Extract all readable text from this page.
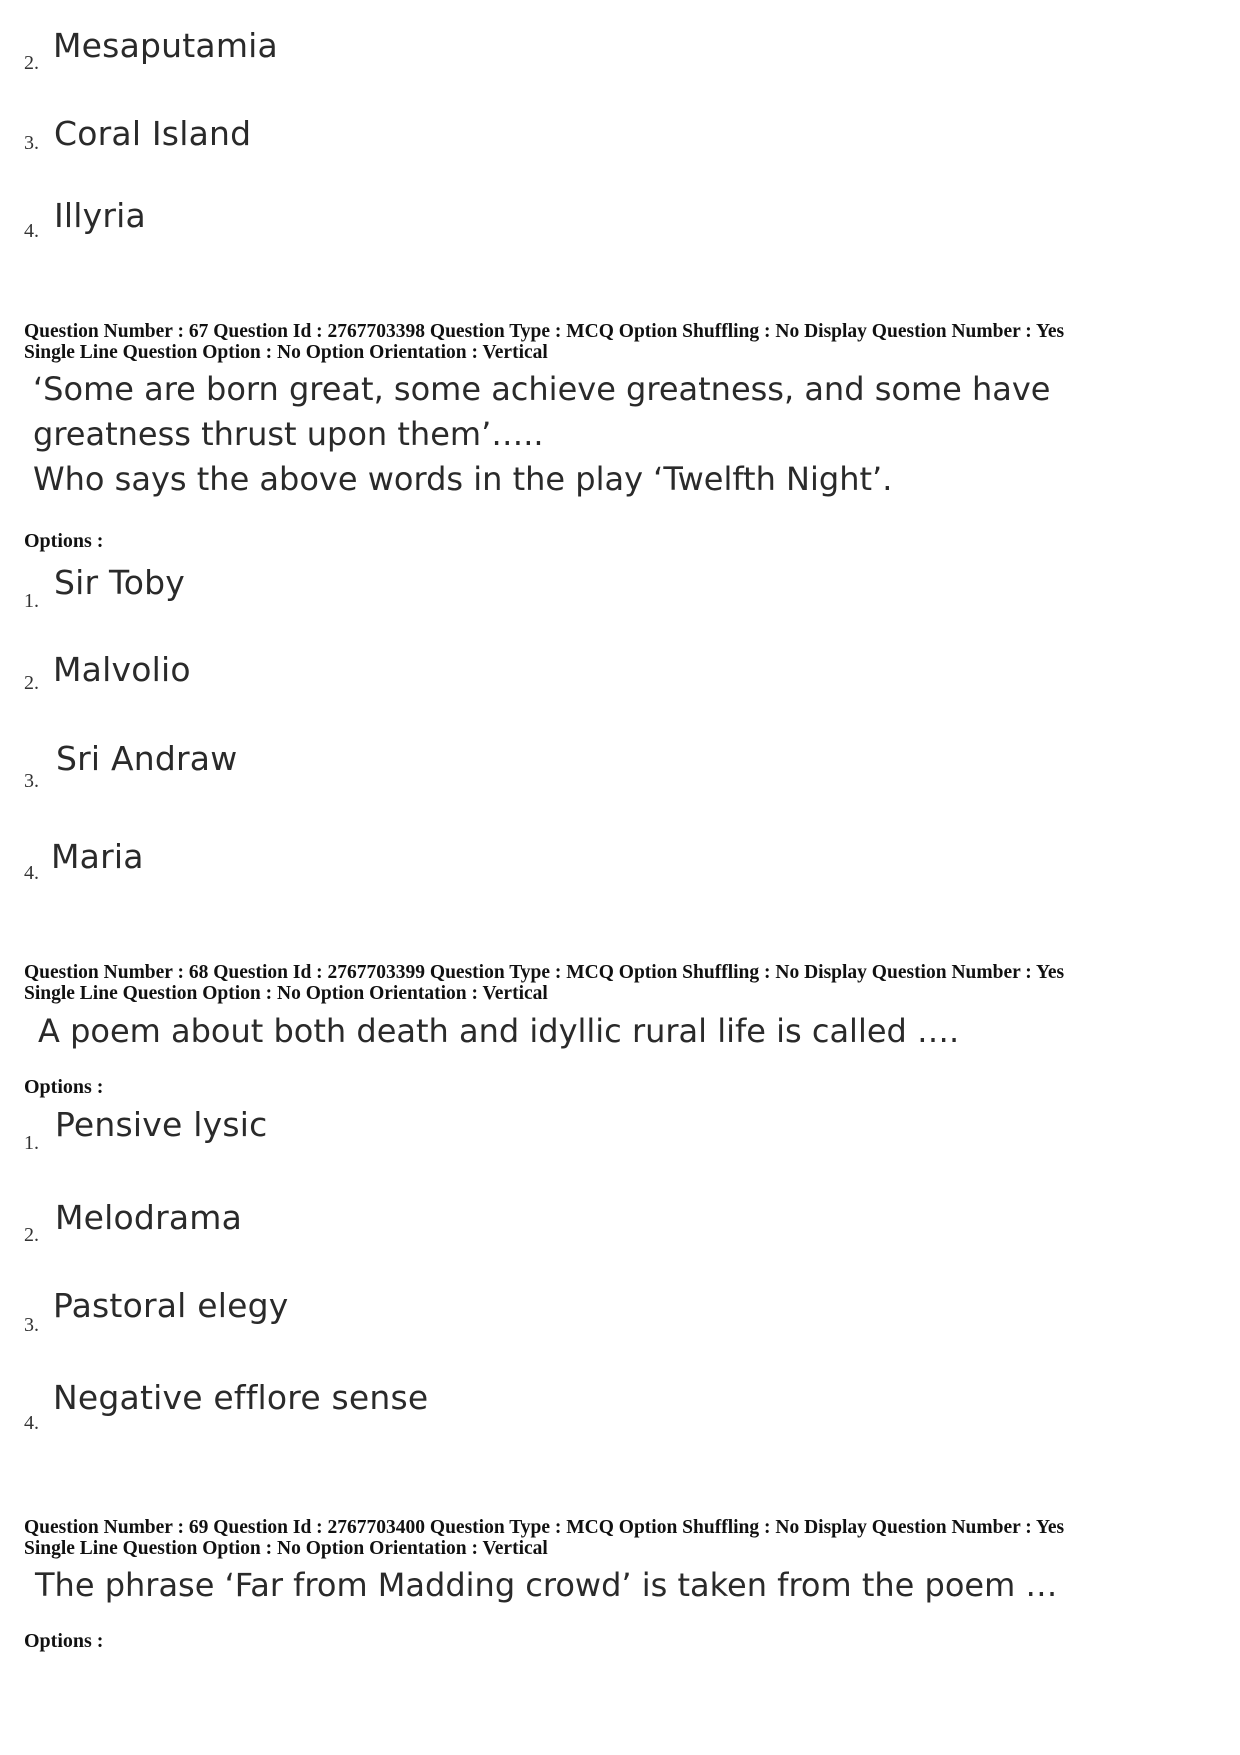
2. Mesaputamia
3. Coral Island
4. Illyria
Question Number : 67 Question Id : 2767703398 Question Type : MCQ Option Shuffling : No Display Question Number : Yes
Single Line Question Option : No Option Orientation : Vertical
‘Some are born great, some achieve greatness, and some have
greatness thrust upon them’…..
Who says the above words in the play ‘Twelfth Night’.
Options :
1. Sir Toby
2. Malvolio
3.
Sri Andraw
4. Maria
Question Number : 68 Question Id : 2767703399 Question Type : MCQ Option Shuffling : No Display Question Number : Yes
Single Line Question Option : No Option Orientation : Vertical
A poem about both death and idyllic rural life is called ….
Options :
1. Pensive lysic
2. Melodrama
3. Pastoral elegy
4.
Negative efflore sense
Question Number : 69 Question Id : 2767703400 Question Type : MCQ Option Shuffling : No Display Question Number : Yes
Single Line Question Option : No Option Orientation : Vertical
The phrase ‘Far from Madding crowd’ is taken from the poem …
Options :
